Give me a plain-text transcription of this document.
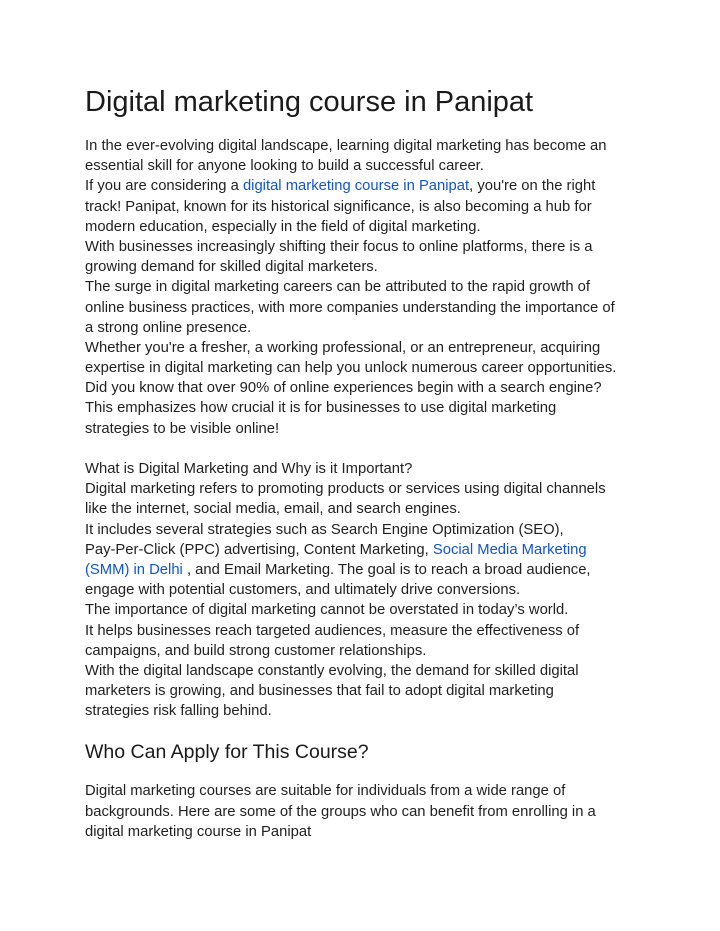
Digital marketing course in Panipat

In the ever-evolving digital landscape, learning digital marketing has become an
essential skill for anyone looking to build a successful career.
If you are considering a digital marketing course in Panipat, you're on the right
track! Panipat, known for its historical significance, is also becoming a hub for
modern education, especially in the field of digital marketing.
With businesses increasingly shifting their focus to online platforms, there is a
growing demand for skilled digital marketers.
The surge in digital marketing careers can be attributed to the rapid growth of
online business practices, with more companies understanding the importance of
a strong online presence.
Whether you're a fresher, a working professional, or an entrepreneur, acquiring
expertise in digital marketing can help you unlock numerous career opportunities.
Did you know that over 90% of online experiences begin with a search engine?
This emphasizes how crucial it is for businesses to use digital marketing
strategies to be visible online!
What is Digital Marketing and Why is it Important?
Digital marketing refers to promoting products or services using digital channels
like the internet, social media, email, and search engines.
It includes several strategies such as Search Engine Optimization (SEO),
Pay-Per-Click (PPC) advertising, Content Marketing, Social Media Marketing
(SMM) in Delhi , and Email Marketing. The goal is to reach a broad audience,
engage with potential customers, and ultimately drive conversions.
The importance of digital marketing cannot be overstated in today’s world.
It helps businesses reach targeted audiences, measure the effectiveness of
campaigns, and build strong customer relationships.
With the digital landscape constantly evolving, the demand for skilled digital
marketers is growing, and businesses that fail to adopt digital marketing
strategies risk falling behind.

Who Can Apply for This Course?

Digital marketing courses are suitable for individuals from a wide range of
backgrounds. Here are some of the groups who can benefit from enrolling in a
digital marketing course in Panipat
